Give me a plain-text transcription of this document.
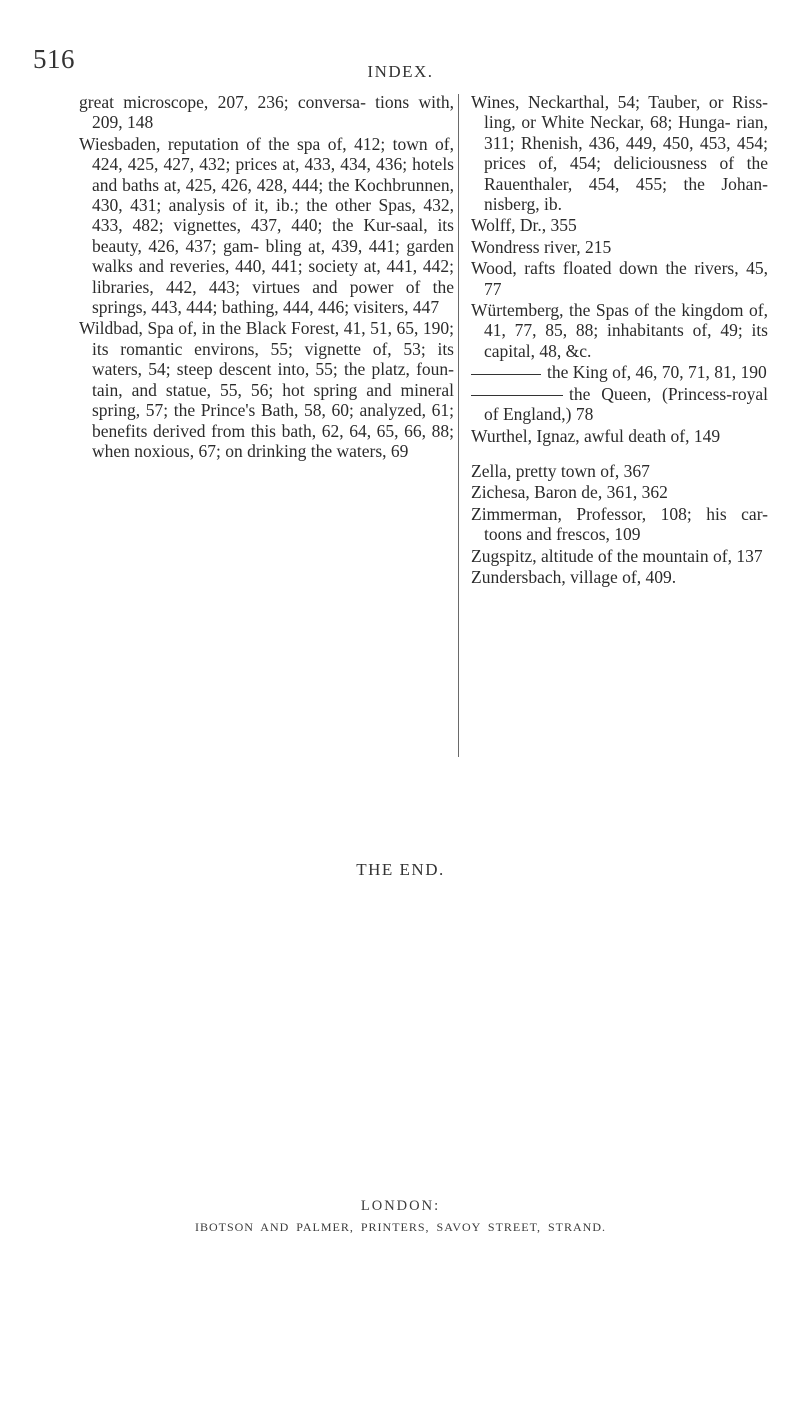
516	INDEX.

great microscope, 207, 236; conversa- tions with, 209, 148

Wiesbaden, reputation of the spa of, 412; town of, 424, 425, 427, 432; prices at, 433, 434, 436; hotels and baths at, 425, 426, 428, 444; the Kochbrunnen, 430, 431; analysis of it, ib.; the other Spas, 432, 433, 482; vignettes, 437, 440; the Kur-saal, its beauty, 426, 437; gam- bling at, 439, 441; garden walks and reveries, 440, 441; society at, 441, 442; libraries, 442, 443; virtues and power of the springs, 443, 444; bathing, 444, 446; visiters, 447

Wildbad, Spa of, in the Black Forest, 41, 51, 65, 190; its romantic environs, 55; vignette of, 53; its waters, 54; steep descent into, 55; the platz, foun- tain, and statue, 55, 56; hot spring and mineral spring, 57; the Prince's Bath, 58, 60; analyzed, 61; benefits derived from this bath, 62, 64, 65, 66, 88; when noxious, 67; on drinking the waters, 69

Wines, Neckarthal, 54; Tauber, or Riss- ling, or White Neckar, 68; Hunga- rian, 311; Rhenish, 436, 449, 450, 453, 454; prices of, 454; deliciousness of the Rauenthaler, 454, 455; the Johan- nisberg, ib.

Wolff, Dr., 355

Wondress river, 215

Wood, rafts floated down the rivers, 45, 77

Würtemberg, the Spas of the kingdom of, 41, 77, 85, 88; inhabitants of, 49; its capital, 48, &c.

the King of, 46, 70, 71, 81, 190

the Queen, (Princess-royal of England,) 78

Wurthel, Ignaz, awful death of, 149

Zella, pretty town of, 367

Zichesa, Baron de, 361, 362

Zimmerman, Professor, 108; his car- toons and frescos, 109

Zugspitz, altitude of the mountain of, 137

Zundersbach, village of, 409.

THE END.
LONDON:
IBOTSON AND PALMER, PRINTERS, SAVOY STREET, STRAND.
